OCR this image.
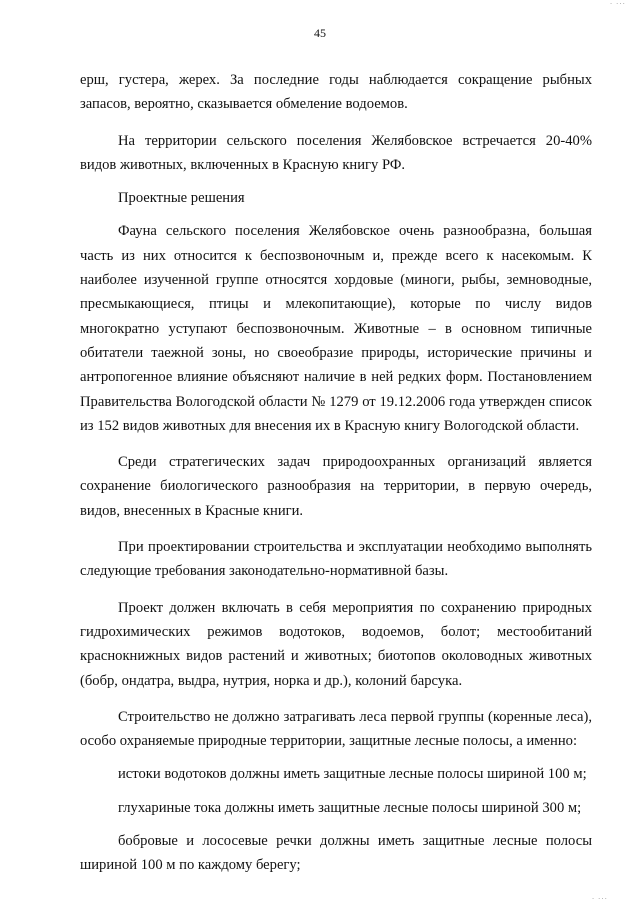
· ···
45

ерш, густера, жерех. За последние годы наблюдается сокращение рыбных запасов, вероятно, сказывается обмеление водоемов.

На территории сельского поселения Желябовское встречается 20-40% видов животных, включенных в Красную книгу РФ.

Проектные решения

Фауна сельского поселения Желябовское очень разнообразна, большая часть из них относится к беспозвоночным и, прежде всего к насекомым. К наиболее изученной группе относятся хордовые (миноги, рыбы, земноводные, пресмыкающиеся, птицы и млекопитающие), которые по числу видов многократно уступают беспозвоночным. Животные – в основном типичные обитатели таежной зоны, но своеобразие природы, исторические причины и антропогенное влияние объясняют наличие в ней редких форм. Постановлением Правительства Вологодской области № 1279 от 19.12.2006 года утвержден список из 152 видов животных для внесения их в Красную книгу Вологодской области.

Среди стратегических задач природоохранных организаций является сохранение биологического разнообразия на территории, в первую очередь, видов, внесенных в Красные книги.

При проектировании строительства и эксплуатации необходимо выполнять следующие требования законодательно-нормативной базы.

Проект должен включать в себя мероприятия по сохранению природных гидрохимических режимов водотоков, водоемов, болот; местообитаний краснокнижных видов растений и животных; биотопов околоводных животных (бобр, ондатра, выдра, нутрия, норка и др.), колоний барсука.

Строительство не должно затрагивать леса первой группы (коренные леса), особо охраняемые природные территории, защитные лесные полосы, а именно:

истоки водотоков должны иметь защитные лесные полосы шириной 100 м;

глухариные тока должны иметь защитные лесные полосы шириной 300 м;

бобровые и лососевые речки должны иметь защитные лесные полосы шириной 100 м по каждому берегу;

· ···
